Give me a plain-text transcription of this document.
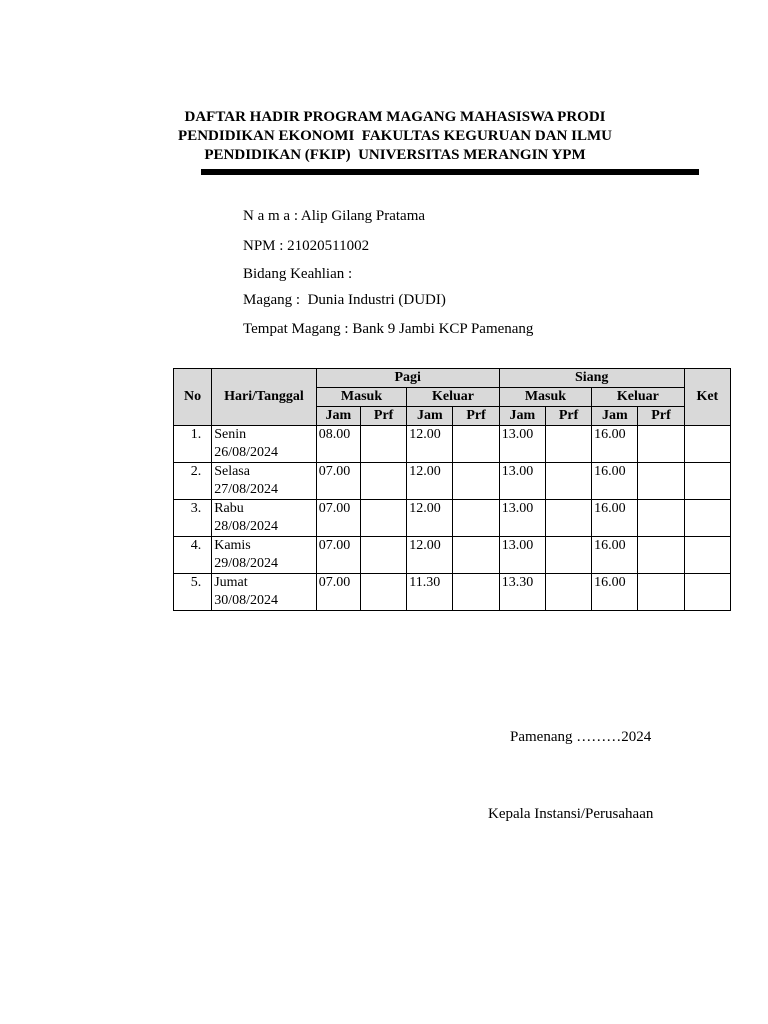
DAFTAR HADIR PROGRAM MAGANG MAHASISWA PRODI
PENDIDIKAN EKONOMI  FAKULTAS KEGURUAN DAN ILMU
PENDIDIKAN (FKIP)  UNIVERSITAS MERANGIN YPM
N a m a : Alip Gilang Pratama
NPM : 21020511002
Bidang Keahlian :
Magang :  Dunia Industri (DUDI)
Tempat Magang : Bank 9 Jambi KCP Pamenang
No	Hari/Tanggal	Pagi				Siang				Ket
		Masuk		Keluar		Masuk		Keluar		
		Jam	Prf	Jam	Prf	Jam	Prf	Jam	Prf	
1.	Senin
26/08/2024	08.00		12.00		13.00		16.00		
2.	Selasa
27/08/2024	07.00		12.00		13.00		16.00		
3.	Rabu
28/08/2024	07.00		12.00		13.00		16.00		
4.	Kamis
29/08/2024	07.00		12.00		13.00		16.00		
5.	Jumat
30/08/2024	07.00		11.30		13.30		16.00		
Pamenang ………2024
Kepala Instansi/Perusahaan
